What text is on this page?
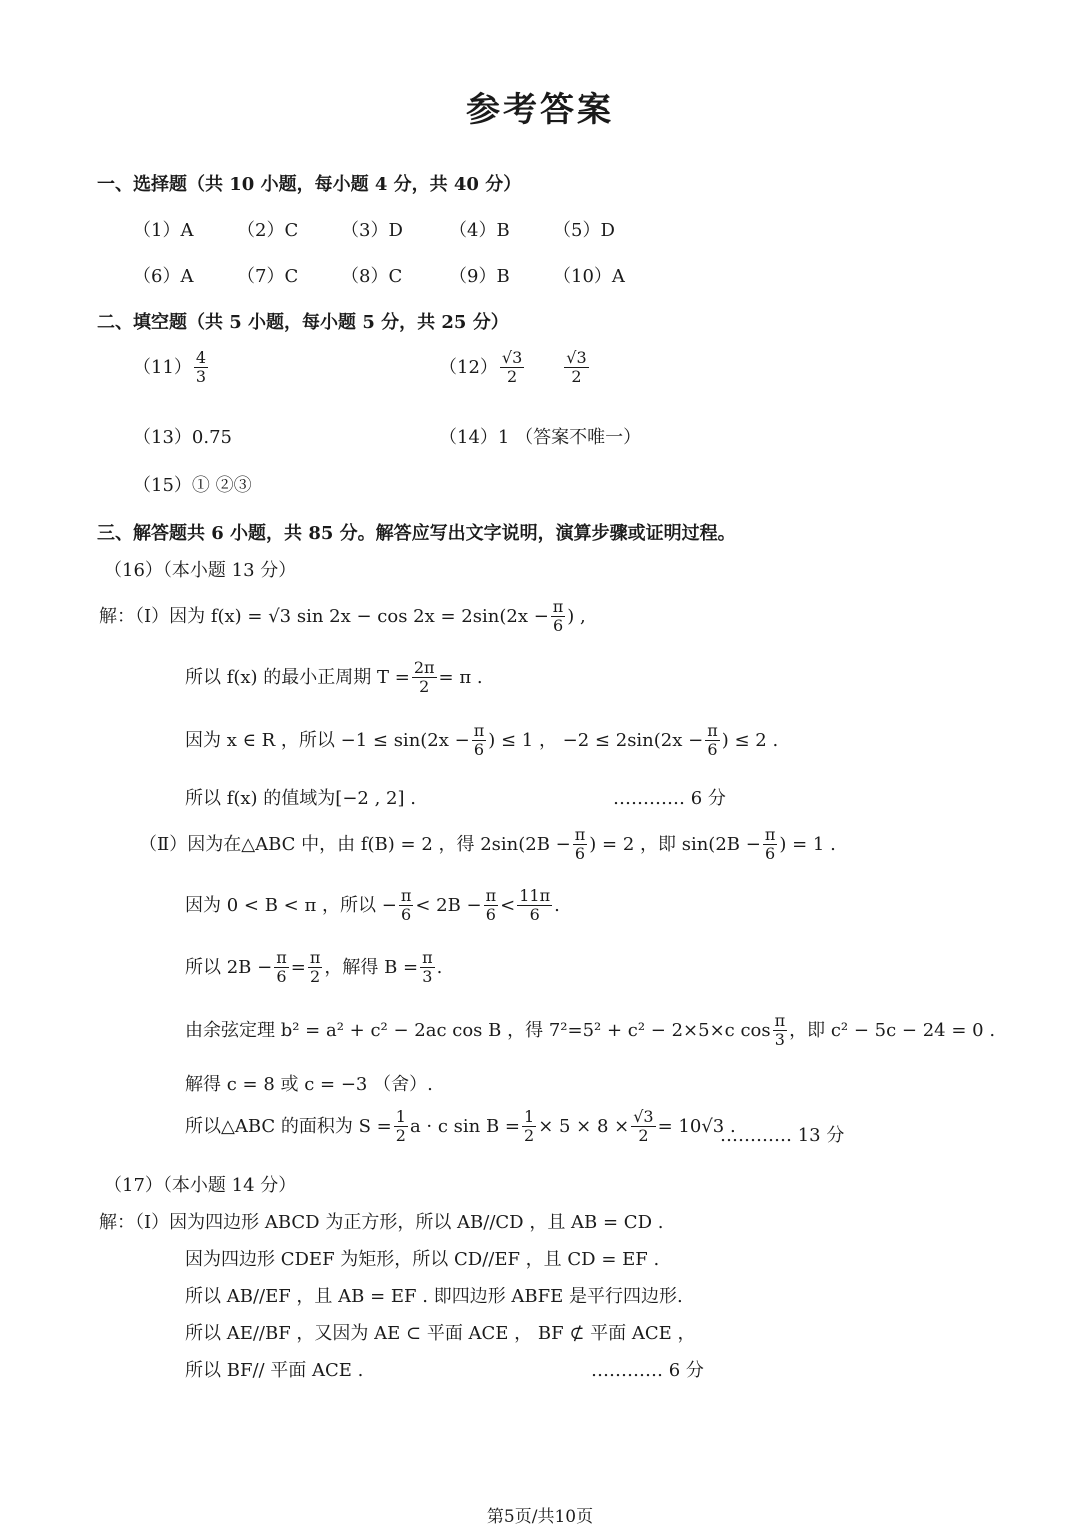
参考答案
一、选择题（共 10 小题，每小题 4 分，共 40 分）
（1）A （2）C （3）D	（4）B （5）D
（6）A （7）C （8）C	（9）B （10）A
二、填空题（共 5 小题，每小题 5 分，共 25 分）
$(11) \frac{4}{3}$	$(12) \frac{√3}{2}$	$\frac{√3}{2}$
（13）0.75	（14）1 （答案不唯一）
（15）① ②③
三、解答题共 6 小题，共 85 分。解答应写出文字说明，演算步骤或证明过程。
（16）（本小题 13 分）
解：（Ⅰ）因为 f(x) = √3 $\sin 2x - \cos 2x = 2\sin(2x - \frac{\pi}{6}$ ) ,
所以 f(x) 的最小正周期 $T = \frac{2\pi}{2} = \pi$ .
因为 x ∈ R ，所以 $-1 \le \sin(2x - \frac{\pi}{6}$ ) ≤ 1 ， $-2 \le 2\sin(2x - \frac{\pi}{6}$ ) ≤ 2 .
所以 f(x) 的值域为[−2 , 2] .	………… 6 分
（Ⅱ）因为在△ABC 中，由 f(B) = 2 ，得 $2\sin(2B - \frac{\pi}{6}$ ) = 2 ，即 $\sin(2B - \frac{\pi}{6}$ ) = 1 .
因为 0 < B < π ，所以 − $\frac{\pi}{6} < 2B - \frac{\pi}{6} < \frac{11\pi}{6}$ .
所以 $2B - \frac{\pi}{6} = \frac{\pi}{2}$ ，解得 $B = \frac{\pi}{3}$ .
由余弦定理 b² = a² + c² − 2ac cos B ，得 7²=5² + c² − 2×5×c $\cos \frac{\pi}{3}$ ，即 c² − 5c − 24 = 0 .
解得 c = 8 或 c = −3 （舍）.
所以△ABC 的面积为 $S = \frac{1}{2}$ a · c $\sin B = \frac{1}{2} \times 5 \times 8 \times \frac{√3}{2} = 10√3$ .
………… 13 分
（17）（本小题 14 分）
解：（Ⅰ）因为四边形 ABCD 为正方形，所以 AB//CD ，且 AB = CD .
因为四边形 CDEF 为矩形，所以 CD//EF ，且 CD = EF .
所以 AB//EF ，且 AB = EF . 即四边形 ABFE 是平行四边形.
所以 AE//BF ，又因为 AE ⊂ 平面 ACE ， BF ⊄ 平面 ACE ，
所以 BF// 平面 ACE .	………… 6 分
第5页/共10页
